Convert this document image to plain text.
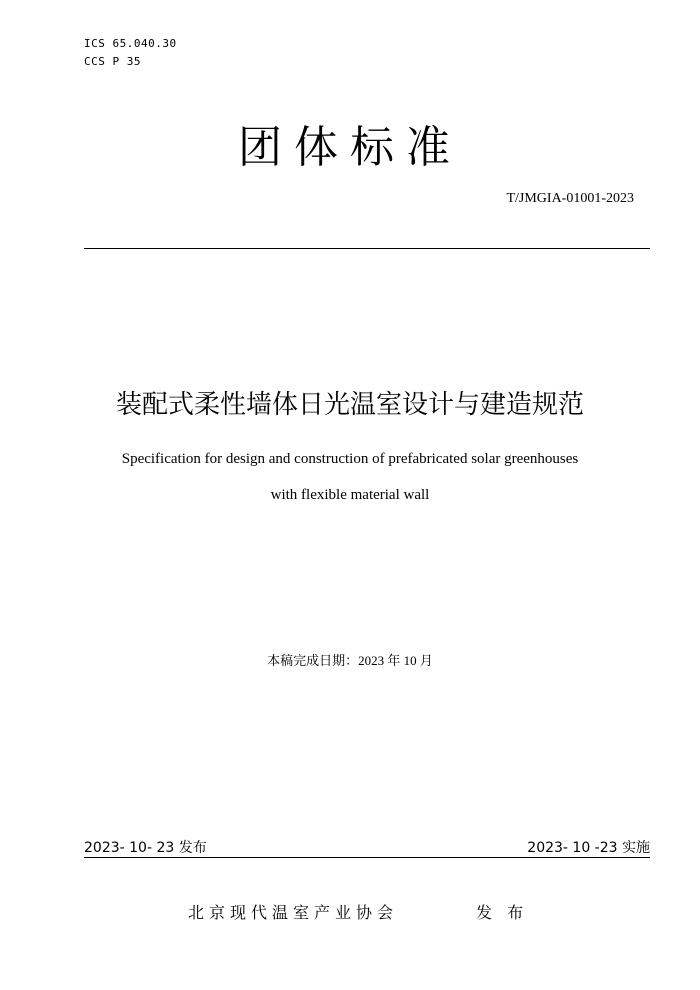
ICS 65.040.30
CCS P 35
团体标准
T/JMGIA-01001-2023
装配式柔性墙体日光温室设计与建造规范
Specification for design and construction of prefabricated solar greenhouses
with flexible material wall
本稿完成日期：2023 年 10 月
2023- 10- 23 发布	2023- 10 -23 实施
北京现代温室产业协会	发 布
